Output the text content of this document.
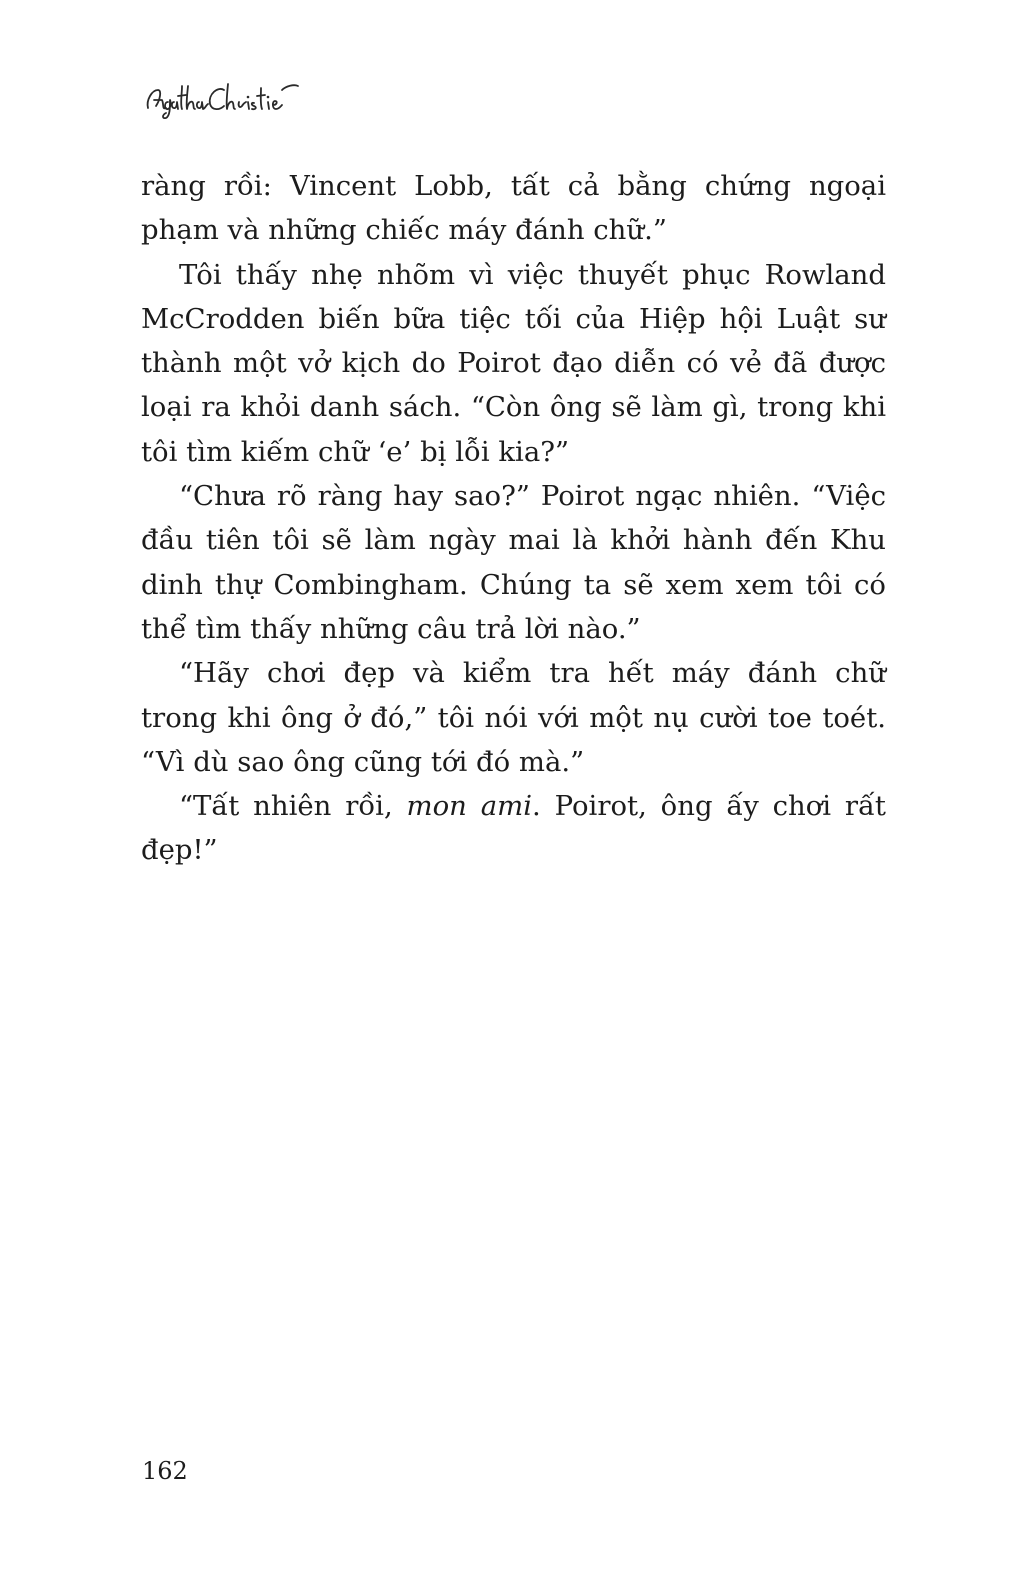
ràng rồi: Vincent Lobb, tất cả bằng chứng ngoại phạm và những chiếc máy đánh chữ.”

Tôi thấy nhẹ nhõm vì việc thuyết phục Rowland McCrodden biến bữa tiệc tối của Hiệp hội Luật sư thành một vở kịch do Poirot đạo diễn có vẻ đã được loại ra khỏi danh sách. “Còn ông sẽ làm gì, trong khi tôi tìm kiếm chữ ‘e’ bị lỗi kia?”

“Chưa rõ ràng hay sao?” Poirot ngạc nhiên. “Việc đầu tiên tôi sẽ làm ngày mai là khởi hành đến Khu dinh thự Combingham. Chúng ta sẽ xem xem tôi có thể tìm thấy những câu trả lời nào.”

“Hãy chơi đẹp và kiểm tra hết máy đánh chữ trong khi ông ở đó,” tôi nói với một nụ cười toe toét. “Vì dù sao ông cũng tới đó mà.”

“Tất nhiên rồi, mon ami. Poirot, ông ấy chơi rất đẹp!”

162
